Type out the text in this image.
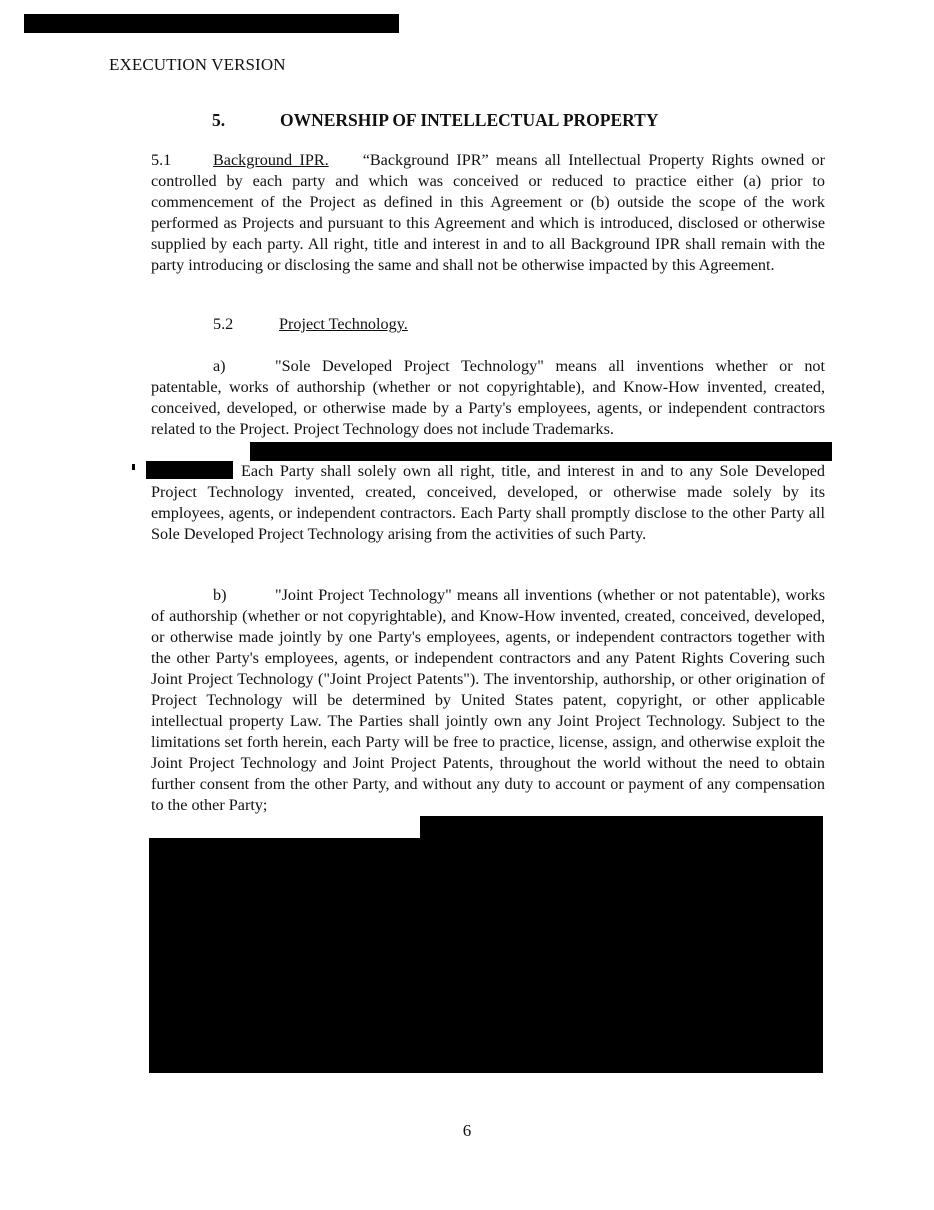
EXECUTION VERSION
5.	OWNERSHIP OF INTELLECTUAL PROPERTY

5.1	Background IPR. “Background IPR” means all Intellectual Property Rights owned or controlled by each party and which was conceived or reduced to practice either (a) prior to commencement of the Project as defined in this Agreement or (b) outside the scope of the work performed as Projects and pursuant to this Agreement and which is introduced, disclosed or otherwise supplied by each party. All right, title and interest in and to all Background IPR shall remain with the party introducing or disclosing the same and shall not be otherwise impacted by this Agreement.

5.2	Project Technology.

a)	"Sole Developed Project Technology" means all inventions whether or not patentable, works of authorship (whether or not copyrightable), and Know-How invented, created, conceived, developed, or otherwise made by a Party's employees, agents, or independent contractors related to the Project. Project Technology does not include Trademarks.

Each Party shall solely own all right, title, and interest in and to any Sole Developed Project Technology invented, created, conceived, developed, or otherwise made solely by its employees, agents, or independent contractors. Each Party shall promptly disclose to the other Party all Sole Developed Project Technology arising from the activities of such Party.

b)	"Joint Project Technology" means all inventions (whether or not patentable), works of authorship (whether or not copyrightable), and Know-How invented, created, conceived, developed, or otherwise made jointly by one Party's employees, agents, or independent contractors together with the other Party's employees, agents, or independent contractors and any Patent Rights Covering such Joint Project Technology ("Joint Project Patents"). The inventorship, authorship, or other origination of Project Technology will be determined by United States patent, copyright, or other applicable intellectual property Law. The Parties shall jointly own any Joint Project Technology. Subject to the limitations set forth herein, each Party will be free to practice, license, assign, and otherwise exploit the Joint Project Technology and Joint Project Patents, throughout the world without the need to obtain further consent from the other Party, and without any duty to account or payment of any compensation to the other Party;

6
